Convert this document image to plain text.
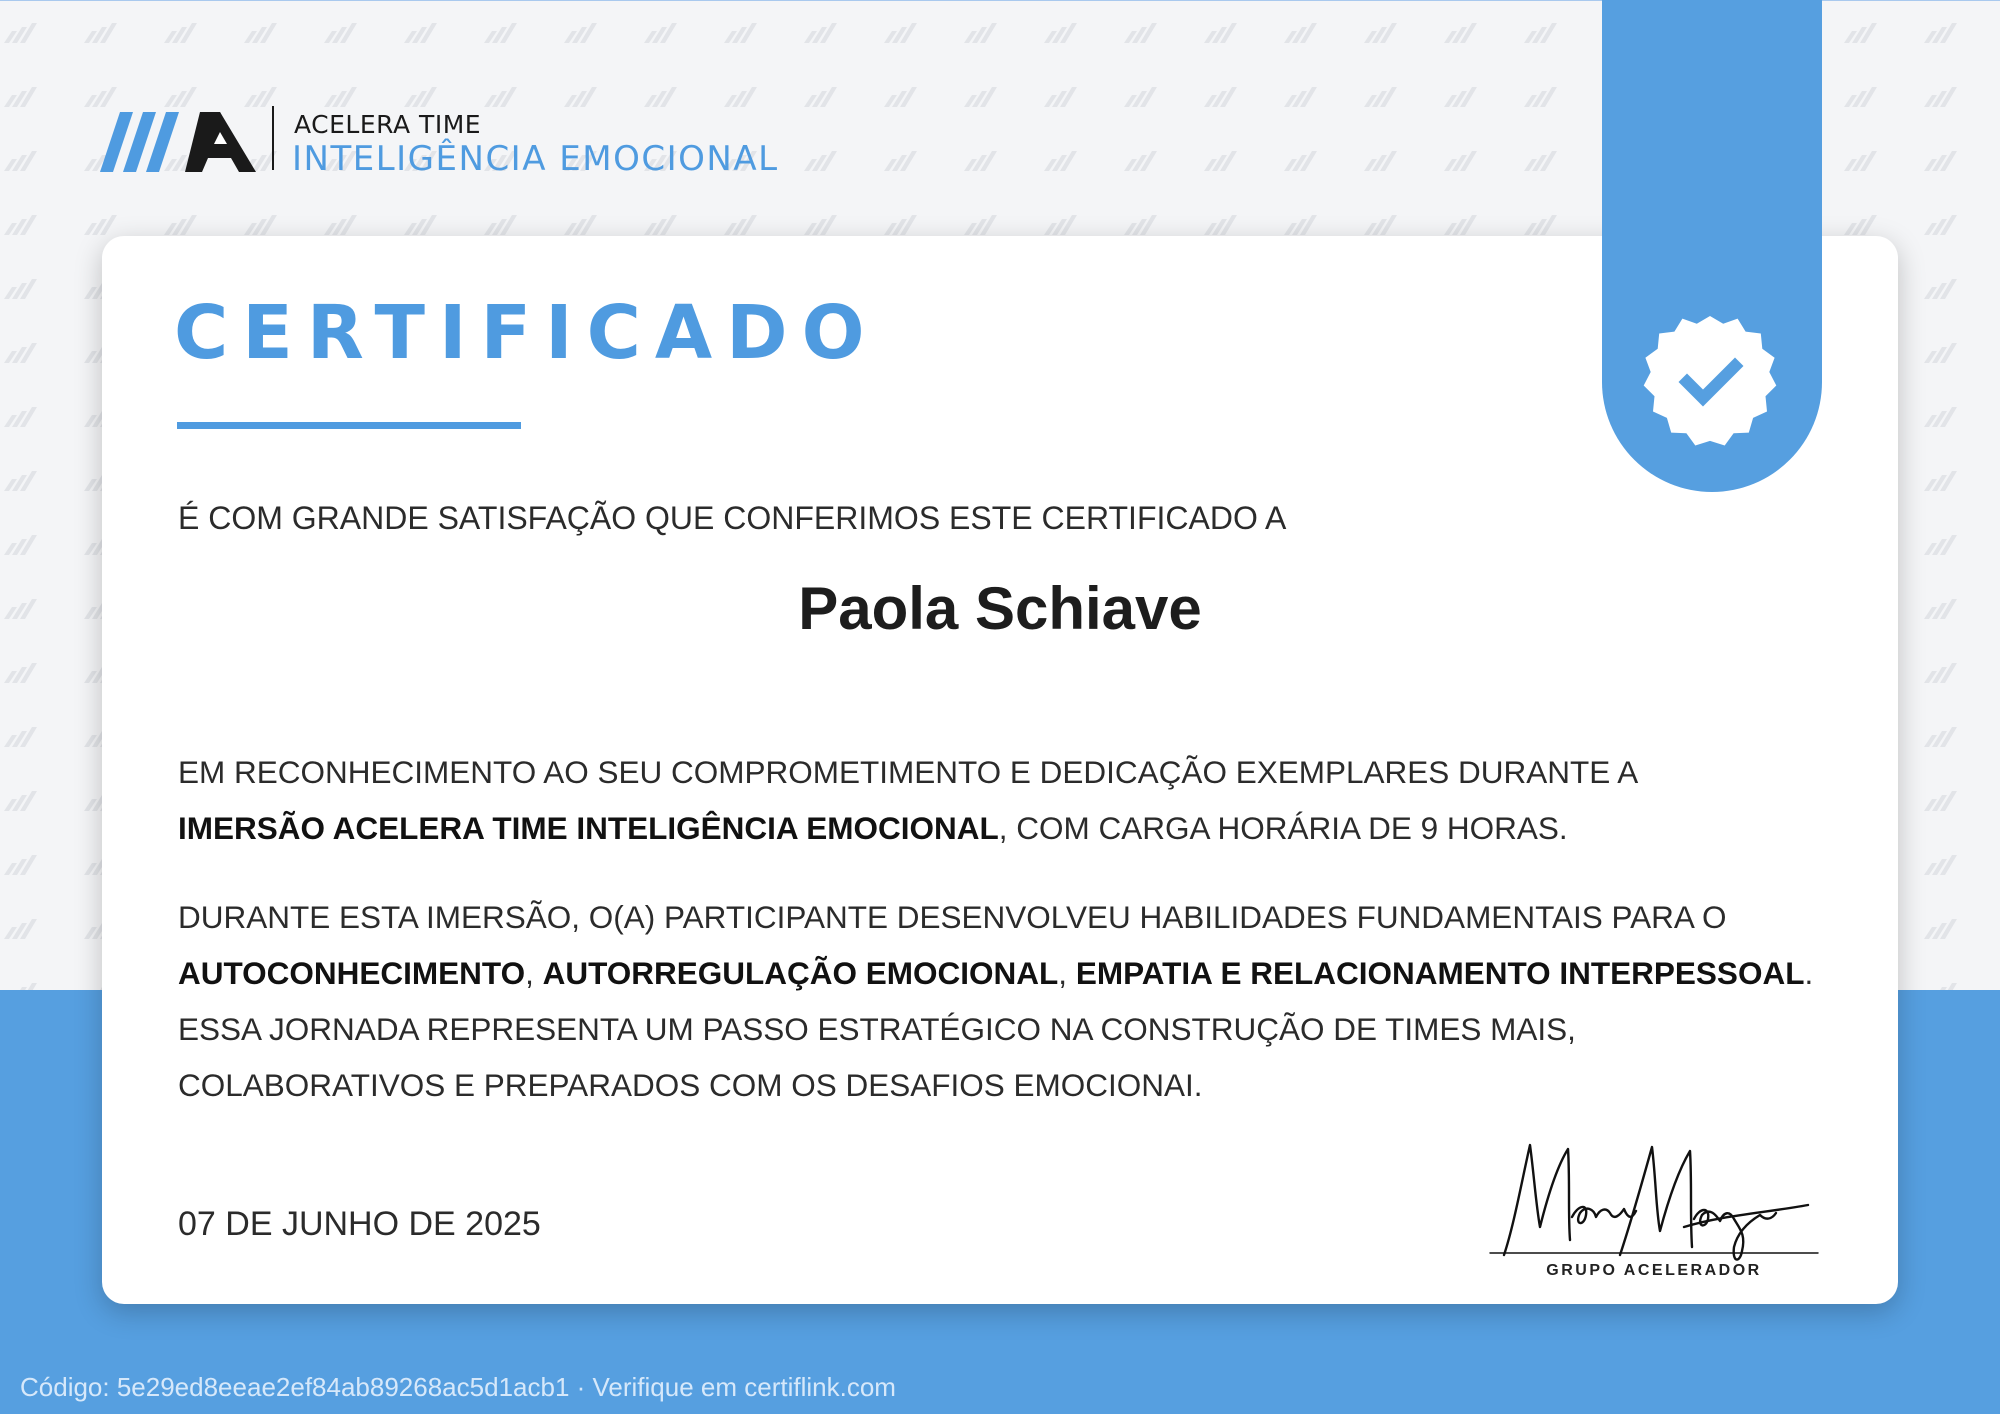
ACELERA TIME
INTELIGÊNCIA EMOCIONAL
CERTIFICADO
É COM GRANDE SATISFAÇÃO QUE CONFERIMOS ESTE CERTIFICADO A
Paola Schiave

EM RECONHECIMENTO AO SEU COMPROMETIMENTO E DEDICAÇÃO EXEMPLARES DURANTE A
IMERSÃO ACELERA TIME INTELIGÊNCIA EMOCIONAL, COM CARGA HORÁRIA DE 9 HORAS.

DURANTE ESTA IMERSÃO, O(A) PARTICIPANTE DESENVOLVEU HABILIDADES FUNDAMENTAIS PARA O AUTOCONHECIMENTO, AUTORREGULAÇÃO EMOCIONAL, EMPATIA E RELACIONAMENTO INTERPESSOAL. ESSA JORNADA REPRESENTA UM PASSO ESTRATÉGICO NA CONSTRUÇÃO DE TIMES MAIS, COLABORATIVOS E PREPARADOS COM OS DESAFIOS EMOCIONAI.

07 DE JUNHO DE 2025
GRUPO ACELERADOR
Código: 5e29ed8eeae2ef84ab89268ac5d1acb1 · Verifique em certiflink.com
